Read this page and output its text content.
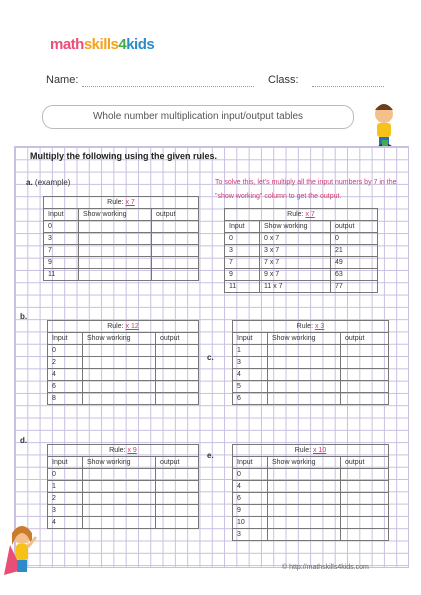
mathskills4kids
Name:	Class:
Whole number multiplication input/output tables
Multiply the following using the given rules.
a. (example)
Rule: x 7		
Input	Show working	output
0		
3		
7		
9		
11		
To solve this, let's multiply all the input numbers by 7 in the
"show working" column to get the output.
Rule: x 7		
Input	Show working	output
0	0 x 7	0
3	3 x 7	21
7	7 x 7	49
9	9 x 7	63
11	11 x 7	77
b.
Rule: x 12		
Input	Show working	output
0		
2		
4		
6		
8		
c.
Rule: x 3		
Input	Show working	output
1		
3		
4		
5		
6		
d.
Rule: x 9		
Input	Show working	output
0		
1		
2		
3		
4		
e.
Rule: x 10		
Input	Show working	output
0		
4		
6		
9		
10		
3		
© http://mathskills4kids.com
